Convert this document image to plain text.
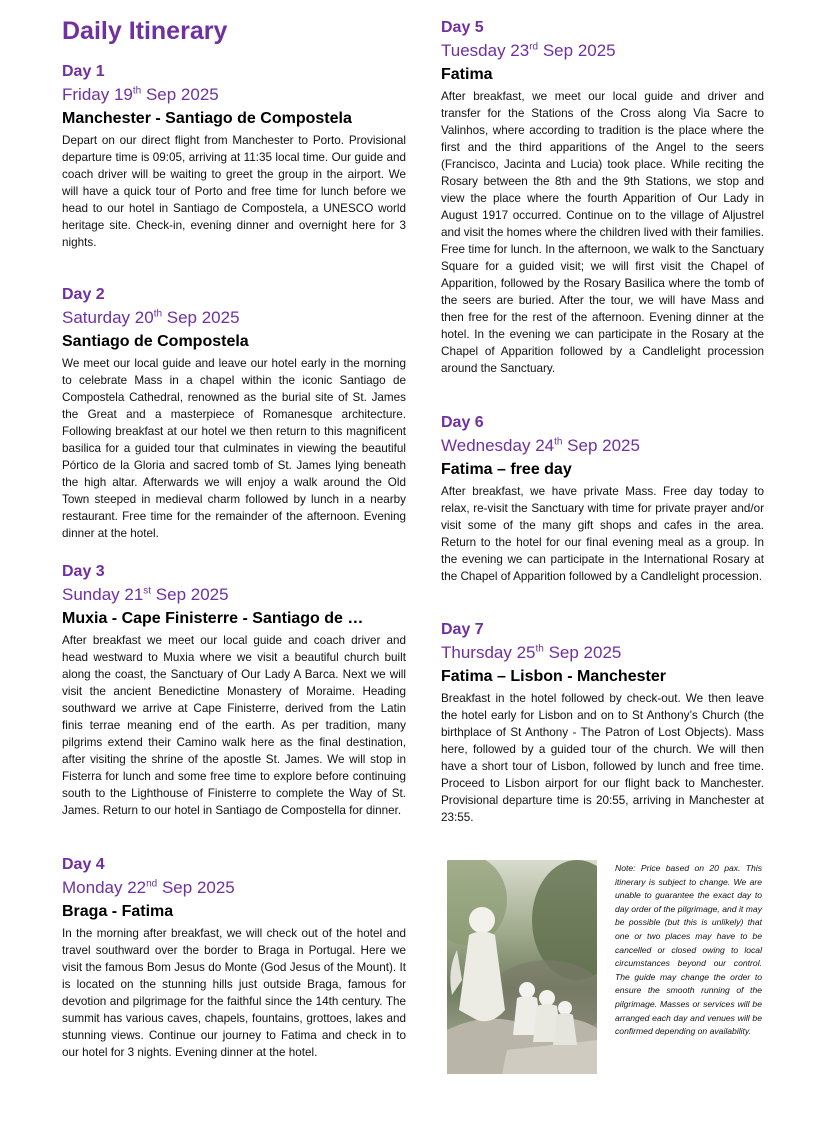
Daily Itinerary

Day 1

Friday 19th Sep 2025

Manchester - Santiago de Compostela

Depart on our direct flight from Manchester to Porto. Provisional departure time is 09:05, arriving at 11:35 local time. Our guide and coach driver will be waiting to greet the group in the airport. We will have a quick tour of Porto and free time for lunch before we head to our hotel in Santiago de Compostela, a UNESCO world heritage site. Check-in, evening dinner and overnight here for 3 nights.

Day 2

Saturday 20th Sep 2025

Santiago de Compostela

We meet our local guide and leave our hotel early in the morning to celebrate Mass in a chapel within the iconic Santiago de Compostela Cathedral, renowned as the burial site of St. James the Great and a masterpiece of Romanesque architecture. Following breakfast at our hotel we then return to this magnificent basilica for a guided tour that culminates in viewing the beautiful Pórtico de la Gloria and sacred tomb of St. James lying beneath the high altar. Afterwards we will enjoy a walk around the Old Town steeped in medieval charm followed by lunch in a nearby restaurant. Free time for the remainder of the afternoon. Evening dinner at the hotel.

Day 3

Sunday 21st Sep 2025

Muxia - Cape Finisterre - Santiago de …

After breakfast we meet our local guide and coach driver and head westward to Muxia where we visit a beautiful church built along the coast, the Sanctuary of Our Lady A Barca. Next we will visit the ancient Benedictine Monastery of Moraime. Heading southward we arrive at Cape Finisterre, derived from the Latin finis terrae meaning end of the earth. As per tradition, many pilgrims extend their Camino walk here as the final destination, after visiting the shrine of the apostle St. James. We will stop in Fisterra for lunch and some free time to explore before continuing south to the Lighthouse of Finisterre to complete the Way of St. James. Return to our hotel in Santiago de Compostella for dinner.

Day 4

Monday 22nd Sep 2025

Braga - Fatima

In the morning after breakfast, we will check out of the hotel and travel southward over the border to Braga in Portugal. Here we visit the famous Bom Jesus do Monte (God Jesus of the Mount). It is located on the stunning hills just outside Braga, famous for devotion and pilgrimage for the faithful since the 14th century. The summit has various caves, chapels, fountains, grottoes, lakes and stunning views. Continue our journey to Fatima and check in to our hotel for 3 nights. Evening dinner at the hotel.

Day 5

Tuesday 23rd Sep 2025

Fatima

After breakfast, we meet our local guide and driver and transfer for the Stations of the Cross along Via Sacre to Valinhos, where according to tradition is the place where the first and the third apparitions of the Angel to the seers (Francisco, Jacinta and Lucia) took place. While reciting the Rosary between the 8th and the 9th Stations, we stop and view the place where the fourth Apparition of Our Lady in August 1917 occurred. Continue on to the village of Aljustrel and visit the homes where the children lived with their families. Free time for lunch. In the afternoon, we walk to the Sanctuary Square for a guided visit; we will first visit the Chapel of Apparition, followed by the Rosary Basilica where the tomb of the seers are buried. After the tour, we will have Mass and then free for the rest of the afternoon. Evening dinner at the hotel. In the evening we can participate in the Rosary at the Chapel of Apparition followed by a Candlelight procession around the Sanctuary.

Day 6

Wednesday 24th Sep 2025

Fatima – free day

After breakfast, we have private Mass. Free day today to relax, re-visit the Sanctuary with time for private prayer and/or visit some of the many gift shops and cafes in the area. Return to the hotel for our final evening meal as a group. In the evening we can participate in the International Rosary at the Chapel of Apparition followed by a Candlelight procession.

Day 7

Thursday 25th Sep 2025

Fatima – Lisbon - Manchester

Breakfast in the hotel followed by check-out. We then leave the hotel early for Lisbon and on to St Anthony’s Church (the birthplace of St Anthony - The Patron of Lost Objects). Mass here, followed by a guided tour of the church. We will then have a short tour of Lisbon, followed by lunch and free time. Proceed to Lisbon airport for our flight back to Manchester. Provisional departure time is 20:55, arriving in Manchester at 23:55.

Note: Price based on 20 pax. This itinerary is subject to change. We are unable to guarantee the exact day to day order of the pilgrimage, and it may be possible (but this is unlikely) that one or two places may have to be cancelled or closed owing to local circumstances beyond our control. The guide may change the order to ensure the smooth running of the pilgrimage. Masses or services will be arranged each day and venues will be confirmed depending on availability.
